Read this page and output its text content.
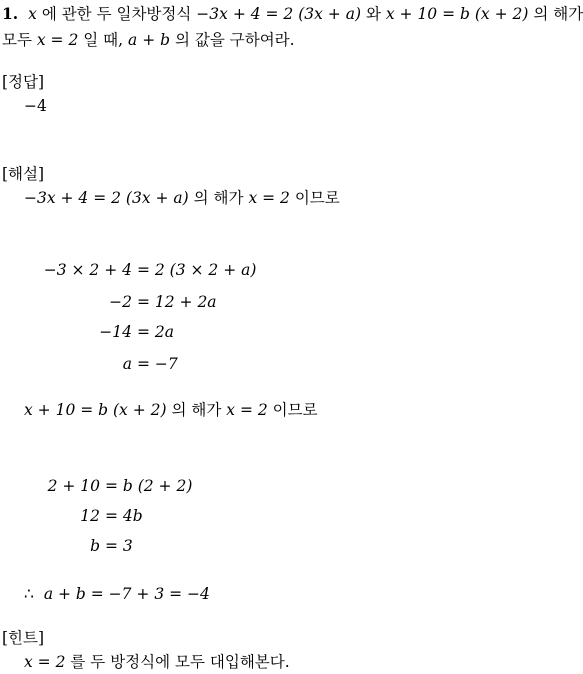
1. x 에 관한 두 일차방정식 −3x + 4 = 2 (3x + a) 와 x + 10 = b (x + 2) 의 해가
모두 x = 2 일 때, a + b 의 값을 구하여라.
[정답]
−4
[해설]
−3x + 4 = 2 (3x + a) 의 해가 x = 2 이므로
−3 × 2 + 4 = 2 (3 × 2 + a)
−2 = 12 + 2a
−14 = 2a
a = −7
x + 10 = b (x + 2) 의 해가 x = 2 이므로
2 + 10 = b (2 + 2)
12 = 4b
b = 3
∴ a + b = −7 + 3 = −4
[힌트]
x = 2 를 두 방정식에 모두 대입해본다.
